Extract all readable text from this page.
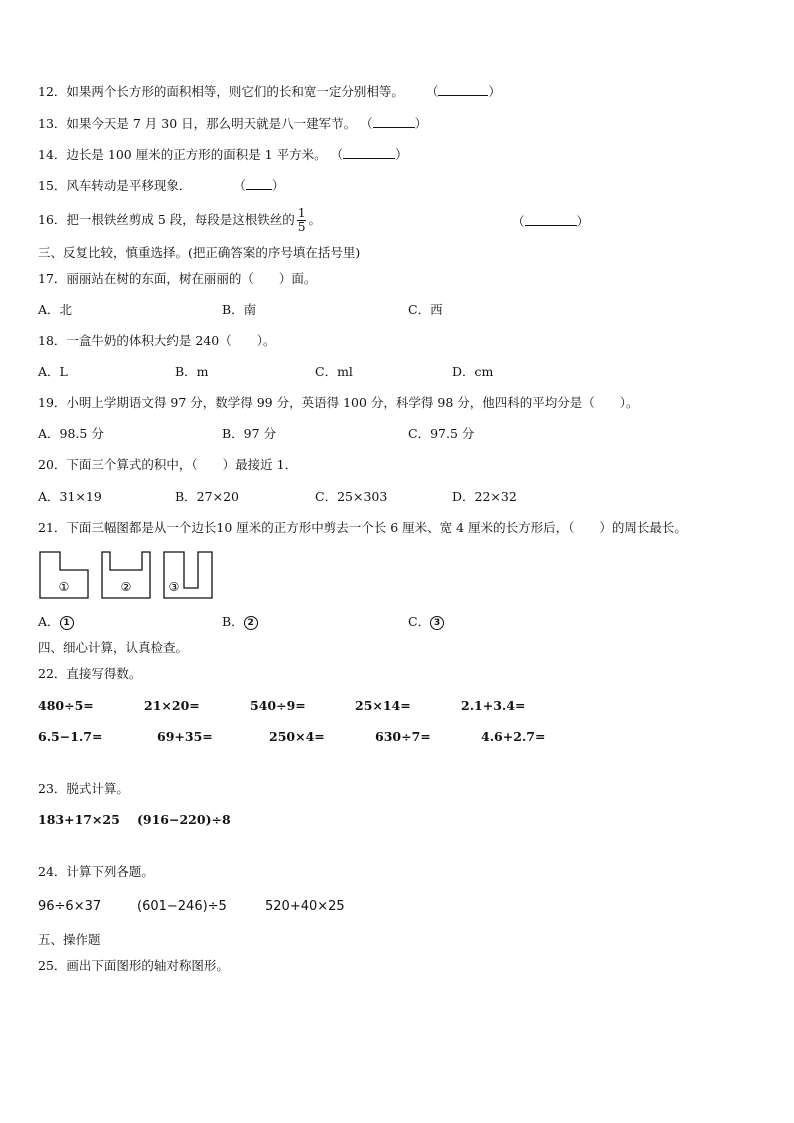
12．如果两个长方形的面积相等，则它们的长和宽一定分别相等。 （	）
13．如果今天是 7 月 30 日，那么明天就是八一建军节。 （	）
14．边长是 100 厘米的正方形的面积是 1 平方米。 （	）
15．风车转动是平移现象．	（ ）
16．把一根铁丝剪成 5 段，每段是这根铁丝的 $\frac{1}{5}$ 。	（	）
三、反复比较，慎重选择。(把正确答案的序号填在括号里)
17．丽丽站在树的东面，树在丽丽的（　　）面。
A．北	B．南	C．西
18．一盒牛奶的体积大约是 240（　　）。
A．L	B．m	C．ml	D．cm
19．小明上学期语文得 97 分，数学得 99 分，英语得 100 分，科学得 98 分，他四科的平均分是（　　）。
A．98.5 分	B．97 分	C．97.5 分
20．下面三个算式的积中，（　　）最接近 1．
A．31×19	B．27×20	C．25×303	D．22×32
21．下面三幅图都是从一个边长10 厘米的正方形中剪去一个长 6 厘米、宽 4 厘米的长方形后，（　　）的周长最长。
①	②	③
A． 1	B． 2	C． 3
四、细心计算，认真检查。
22．直接写得数。
480÷5=	21×20=	540÷9=	25×14=	2.1+3.4=
6.5−1.7=	69+35=	250×4=	630÷7=	4.6+2.7=
23．脱式计算。
183+17×25 (916−220)÷8
24．计算下列各题。
96÷6×37	(601−246)÷5	520+40×25
五、操作题
25．画出下面图形的轴对称图形。
